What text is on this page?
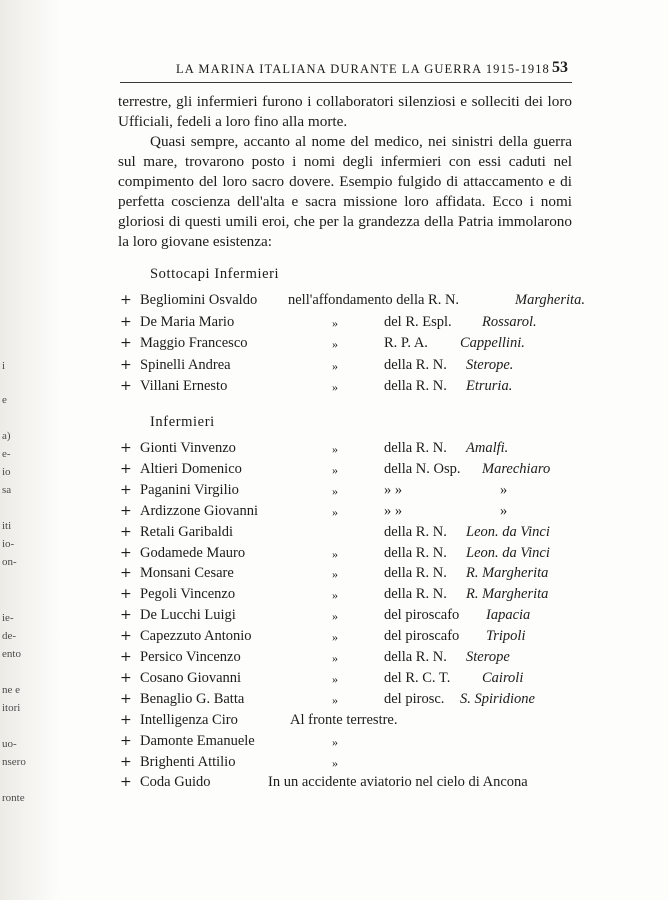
i
e
a)
e-
io
sa
iti
io-
on-
ie-
de-
ento
ne e
itori
uo-
nsero
ronte
LA MARINA ITALIANA DURANTE LA GUERRA 1915-1918 53

terrestre, gli infermieri furono i collaboratori silenziosi e solleciti dei loro Ufficiali, fedeli a loro fino alla morte.

Quasi sempre, accanto al nome del medico, nei sinistri della guerra sul mare, trovarono posto i nomi degli infermieri con essi caduti nel compimento del loro sacro dovere. Esempio fulgido di attaccamento e di perfetta coscienza dell'alta e sacra missione loro affidata. Ecco i nomi gloriosi di questi umili eroi, che per la grandezza della Patria immolarono la loro giovane esistenza:

Sottocapi Infermieri
+ Begliomini Osvaldo nell'affondamento della R. N.	Margherita.
+ De Maria Mario	»	del R. Espl. Rossarol.
+ Maggio Francesco	»	R. P. A. Cappellini.
+ Spinelli Andrea	»	della R. N. Sterope.
+ Villani Ernesto	»	della R. N. Etruria.
Infermieri
+ Gionti Vinvenzo	»	della R. N. Amalfi.
+ Altieri Domenico	»	della N. Osp. Marechiaro
+ Paganini Virgilio	»	» »	»
+ Ardizzone Giovanni	»	» »	»
+ Retali Garibaldi	della R. N. Leon. da Vinci
+ Godamede Mauro	»	della R. N. Leon. da Vinci
+ Monsani Cesare	»	della R. N. R. Margherita
+ Pegoli Vincenzo	»	della R. N. R. Margherita
+ De Lucchi Luigi	»	del piroscafo Iapacia
+ Capezzuto Antonio	»	del piroscafo Tripoli
+ Persico Vincenzo	»	della R. N. Sterope
+ Cosano Giovanni	»	del R. C. T. Cairoli
+ Benaglio G. Batta	»	del pirosc. S. Spiridione
+ Intelligenza Ciro	Al fronte terrestre.
+ Damonte Emanuele	»
+ Brighenti Attilio	»
+ Coda Guido	In un accidente aviatorio nel cielo di Ancona
